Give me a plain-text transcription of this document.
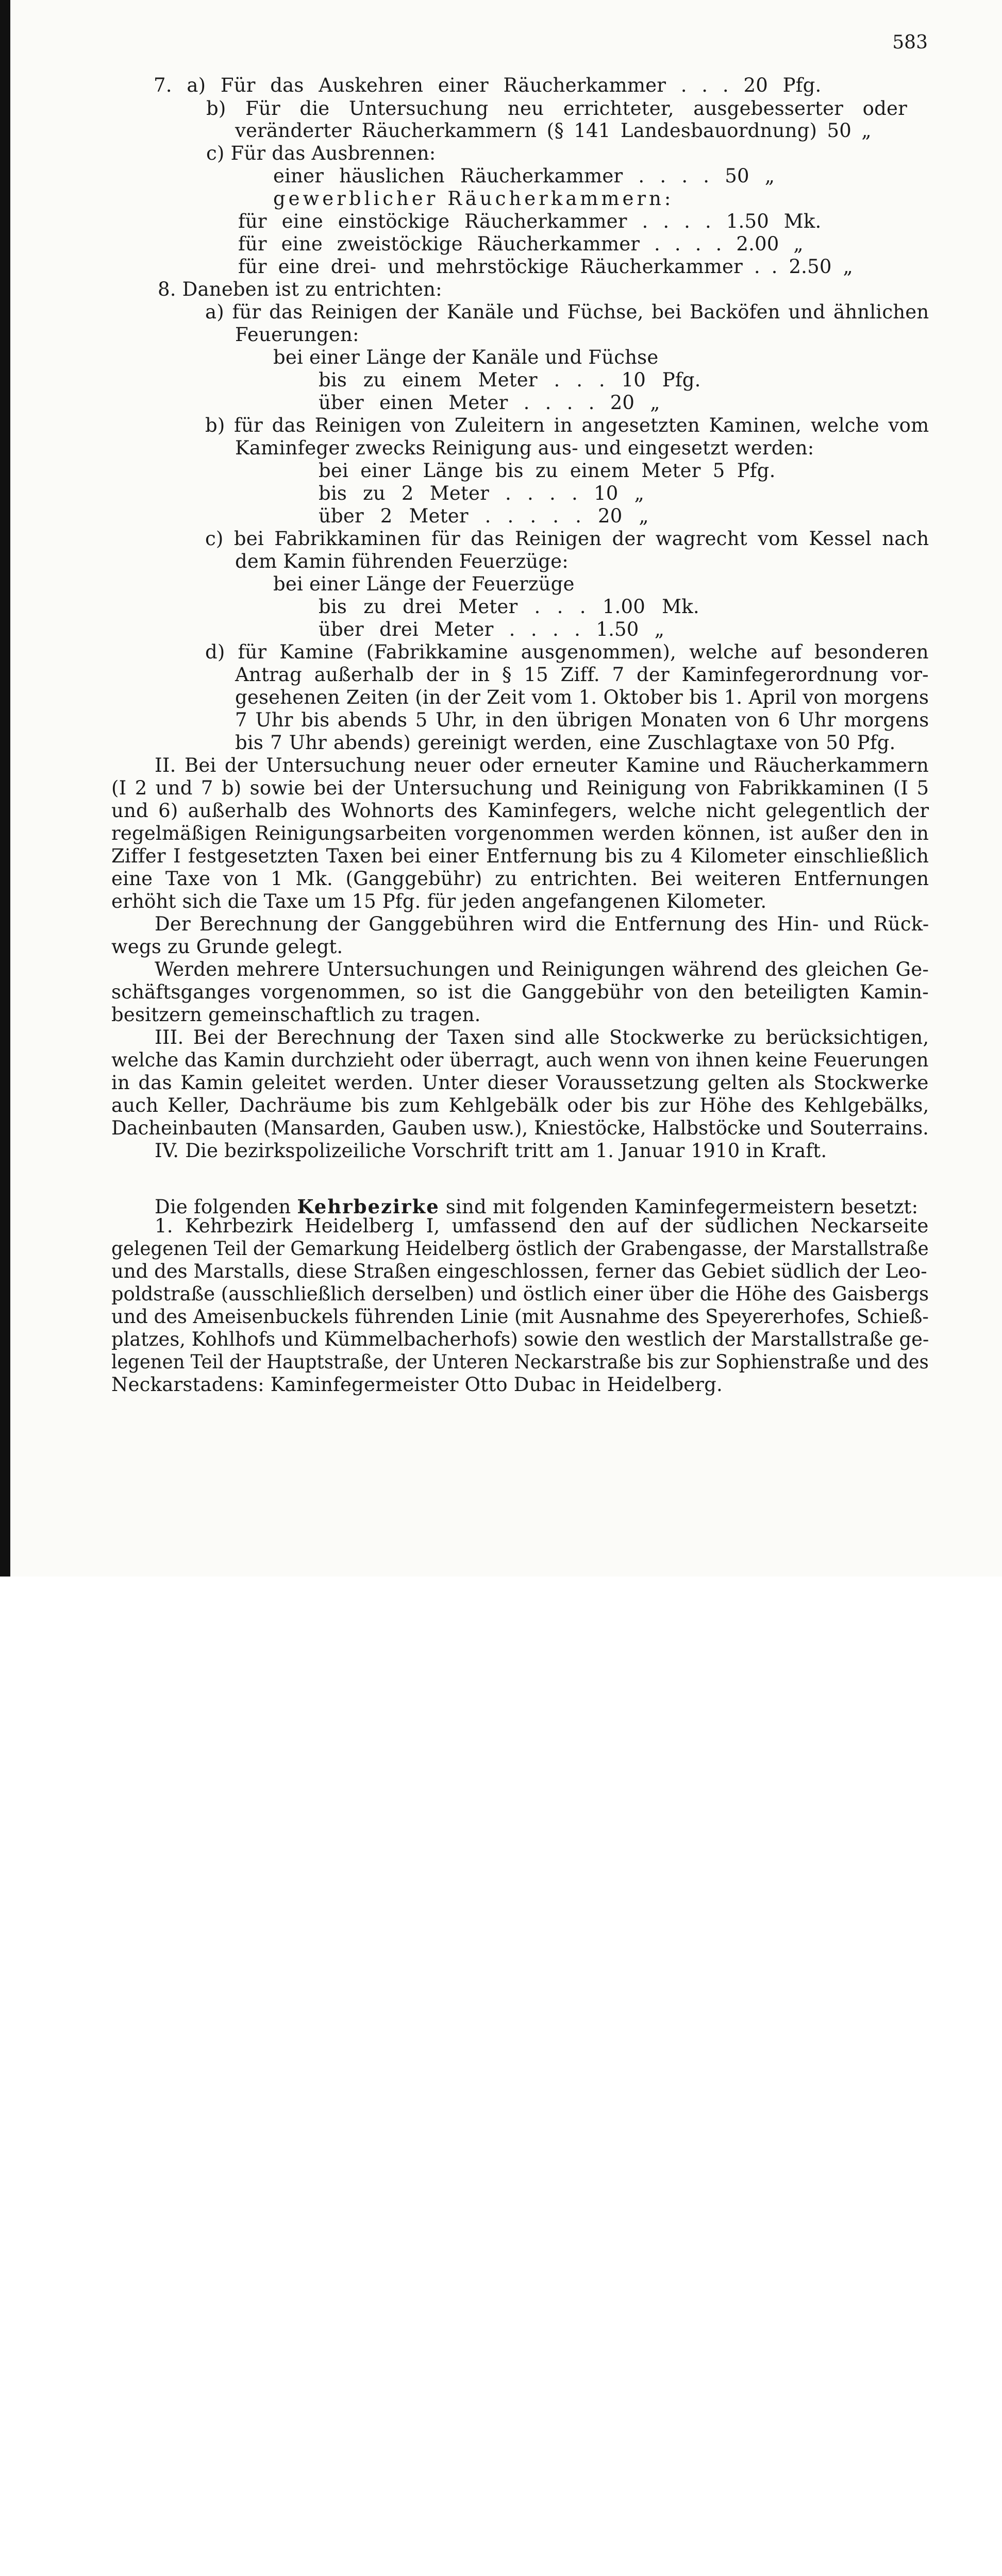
583
7. a) Für das Auskehren einer Räucherkammer . . . 20 Pfg.
b) Für die Untersuchung neu errichteter, ausgebesserter oder
veränderter Räucherkammern (§ 141 Landesbauordnung) 50 „
c) Für das Ausbrennen:
einer häuslichen Räucherkammer . . . . 50 „
gewerblicher Räucherkammern:
für eine einstöckige Räucherkammer . . . . 1.50 Mk.
für eine zweistöckige Räucherkammer . . . . 2.00 „
für eine drei- und mehrstöckige Räucherkammer . . 2.50 „
8. Daneben ist zu entrichten:
a) für das Reinigen der Kanäle und Füchse, bei Backöfen und ähnlichen
Feuerungen:
bei einer Länge der Kanäle und Füchse
bis zu einem Meter . . . 10 Pfg.
über einen Meter . . . . 20 „
b) für das Reinigen von Zuleitern in angesetzten Kaminen, welche vom
Kaminfeger zwecks Reinigung aus- und eingesetzt werden:
bei einer Länge bis zu einem Meter 5 Pfg.
bis zu 2 Meter . . . . 10 „
über 2 Meter . . . . . 20 „
c) bei Fabrikkaminen für das Reinigen der wagrecht vom Kessel nach
dem Kamin führenden Feuerzüge:
bei einer Länge der Feuerzüge
bis zu drei Meter . . . 1.00 Mk.
über drei Meter . . . . 1.50 „
d) für Kamine (Fabrikkamine ausgenommen), welche auf besonderen
Antrag außerhalb der in § 15 Ziff. 7 der Kaminfegerordnung vor-
gesehenen Zeiten (in der Zeit vom 1. Oktober bis 1. April von morgens
7 Uhr bis abends 5 Uhr, in den übrigen Monaten von 6 Uhr morgens
bis 7 Uhr abends) gereinigt werden, eine Zuschlagtaxe von 50 Pfg.
II. Bei der Untersuchung neuer oder erneuter Kamine und Räucherkammern
(I 2 und 7 b) sowie bei der Untersuchung und Reinigung von Fabrikkaminen (I 5
und 6) außerhalb des Wohnorts des Kaminfegers, welche nicht gelegentlich der
regelmäßigen Reinigungsarbeiten vorgenommen werden können, ist außer den in
Ziffer I festgesetzten Taxen bei einer Entfernung bis zu 4 Kilometer einschließlich
eine Taxe von 1 Mk. (Ganggebühr) zu entrichten. Bei weiteren Entfernungen
erhöht sich die Taxe um 15 Pfg. für jeden angefangenen Kilometer.
Der Berechnung der Ganggebühren wird die Entfernung des Hin- und Rück-
wegs zu Grunde gelegt.
Werden mehrere Untersuchungen und Reinigungen während des gleichen Ge-
schäftsganges vorgenommen, so ist die Ganggebühr von den beteiligten Kamin-
besitzern gemeinschaftlich zu tragen.
III. Bei der Berechnung der Taxen sind alle Stockwerke zu berücksichtigen,
welche das Kamin durchzieht oder überragt, auch wenn von ihnen keine Feuerungen
in das Kamin geleitet werden. Unter dieser Voraussetzung gelten als Stockwerke
auch Keller, Dachräume bis zum Kehlgebälk oder bis zur Höhe des Kehlgebälks,
Dacheinbauten (Mansarden, Gauben usw.), Kniestöcke, Halbstöcke und Souterrains.
IV. Die bezirkspolizeiliche Vorschrift tritt am 1. Januar 1910 in Kraft.
Die folgenden Kehrbezirke sind mit folgenden Kaminfegermeistern besetzt:
1. Kehrbezirk Heidelberg I, umfassend den auf der südlichen Neckarseite
gelegenen Teil der Gemarkung Heidelberg östlich der Grabengasse, der Marstallstraße
und des Marstalls, diese Straßen eingeschlossen, ferner das Gebiet südlich der Leo-
poldstraße (ausschließlich derselben) und östlich einer über die Höhe des Gaisbergs
und des Ameisenbuckels führenden Linie (mit Ausnahme des Speyererhofes, Schieß-
platzes, Kohlhofs und Kümmelbacherhofs) sowie den westlich der Marstallstraße ge-
legenen Teil der Hauptstraße, der Unteren Neckarstraße bis zur Sophienstraße und des
Neckarstadens: Kaminfegermeister Otto Dubac in Heidelberg.
